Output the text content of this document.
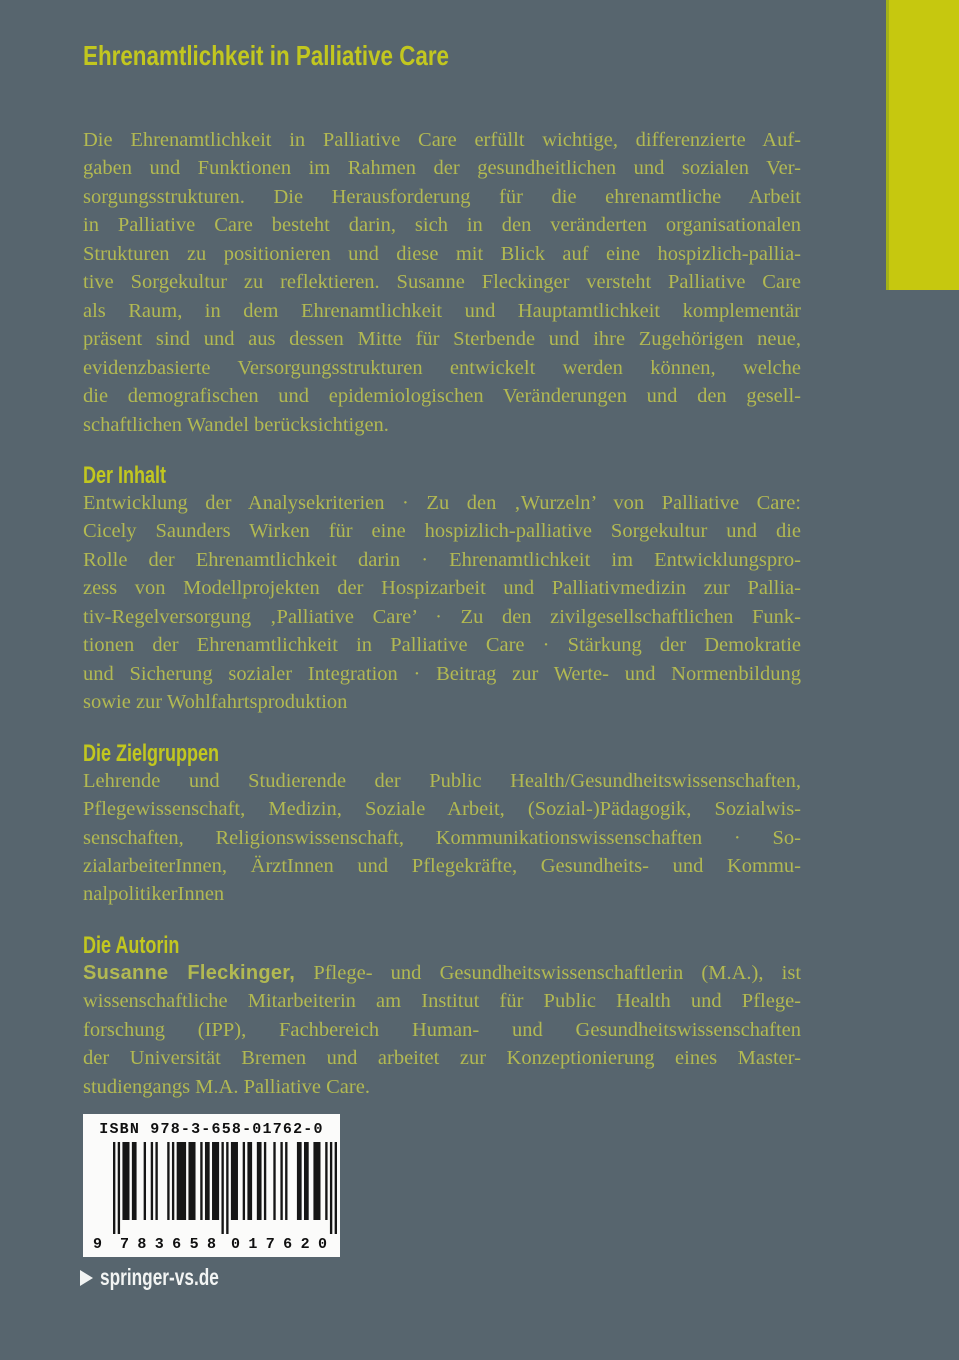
Ehrenamtlichkeit in Palliative Care
Die Ehrenamtlichkeit in Palliative Care erfüllt wichtige, differenzierte Auf-
gaben und Funktionen im Rahmen der gesundheitlichen und sozialen Ver-
sorgungsstrukturen. Die Herausforderung für die ehrenamtliche Arbeit
in Palliative Care besteht darin, sich in den veränderten organisationalen
Strukturen zu positionieren und diese mit Blick auf eine hospizlich-pallia-
tive Sorgekultur zu reflektieren. Susanne Fleckinger versteht Palliative Care
als Raum, in dem Ehrenamtlichkeit und Hauptamtlichkeit komplementär
präsent sind und aus dessen Mitte für Sterbende und ihre Zugehörigen neue,
evidenzbasierte Versorgungsstrukturen entwickelt werden können, welche
die demografischen und epidemiologischen Veränderungen und den gesell-
schaftlichen Wandel berücksichtigen.
Der Inhalt
Entwicklung der Analysekriterien · Zu den ‚Wurzeln’ von Palliative Care:
Cicely Saunders Wirken für eine hospizlich-palliative Sorgekultur und die
Rolle der Ehrenamtlichkeit darin · Ehrenamtlichkeit im Entwicklungspro-
zess von Modellprojekten der Hospizarbeit und Palliativmedizin zur Pallia-
tiv-Regelversorgung ‚Palliative Care’ · Zu den zivilgesellschaftlichen Funk-
tionen der Ehrenamtlichkeit in Palliative Care · Stärkung der Demokratie
und Sicherung sozialer Integration · Beitrag zur Werte- und Normenbildung
sowie zur Wohlfahrtsproduktion
Die Zielgruppen
Lehrende und Studierende der Public Health/Gesundheitswissenschaften,
Pflegewissenschaft, Medizin, Soziale Arbeit, (Sozial-)Pädagogik, Sozialwis-
senschaften, Religionswissenschaft, Kommunikationswissenschaften · So-
zialarbeiterInnen, ÄrztInnen und Pflegekräfte, Gesundheits- und Kommu-
nalpolitikerInnen
Die Autorin
Susanne Fleckinger, Pflege- und Gesundheitswissenschaftlerin (M.A.), ist
wissenschaftliche Mitarbeiterin am Institut für Public Health und Pflege-
forschung (IPP), Fachbereich Human- und Gesundheitswissenschaften
der Universität Bremen und arbeitet zur Konzeptionierung eines Master-
studiengangs M.A. Palliative Care.
ISBN 978-3-658-01762-0
9 7 8 3 6 5 8 0 1 7 6 2 0
springer-vs.de
